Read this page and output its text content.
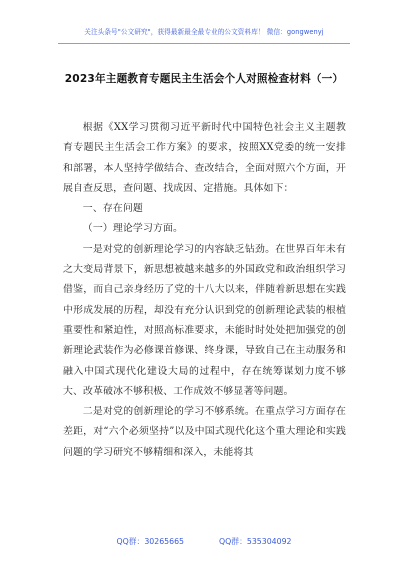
关注头条号"公文研究"，获得最新最全最专业的公文资料库！ 微信：gongwenyj
2023年主题教育专题民主生活会个人对照检查材料（一）

根据《XX学习贯彻习近平新时代中国特色社会主义主题教育专题民主生活会工作方案》的要求，按照XX党委的统一安排和部署，本人坚持学做结合、查改结合，全面对照六个方面，开展自查反思，查问题、找成因、定措施。具体如下：

一、存在问题

（一）理论学习方面。

一是对党的创新理论学习的内容缺乏钻劲。在世界百年未有之大变局背景下，新思想被越来越多的外国政党和政治组织学习借鉴，而自己亲身经历了党的十八大以来，伴随着新思想在实践中形成发展的历程，却没有充分认识到党的创新理论武装的根植重要性和紧迫性，对照高标准要求，未能时时处处把加强党的创新理论武装作为必修课首修课、终身课，导致自己在主动服务和融入中国式现代化建设大局的过程中，存在统筹谋划力度不够大、改革破冰不够积极、工作成效不够显著等问题。

二是对党的创新理论的学习不够系统。在重点学习方面存在差距，对“六个必须坚持”以及中国式现代化这个重大理论和实践问题的学习研究不够精细和深入，未能将其

QQ群：30265665	QQ群：535304092
